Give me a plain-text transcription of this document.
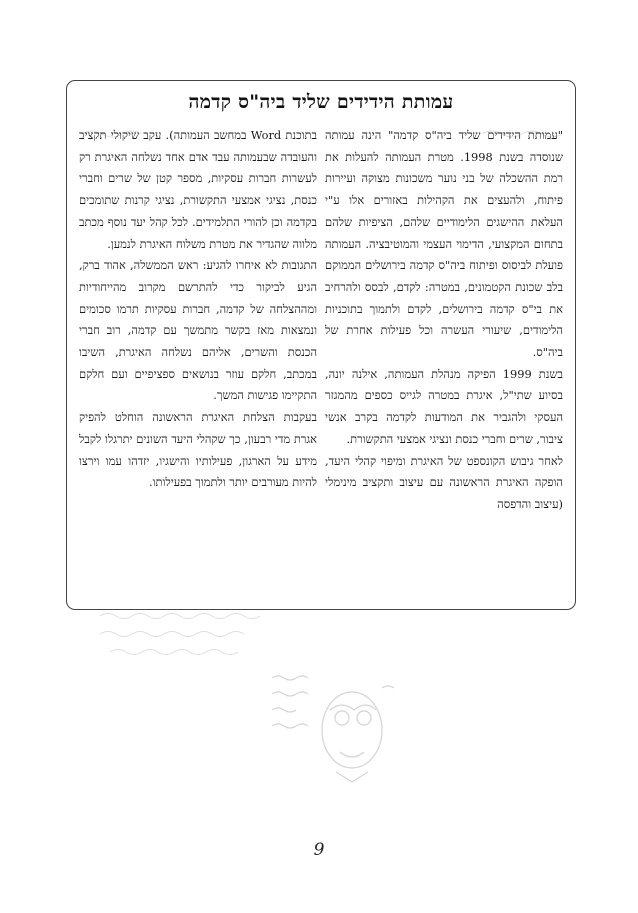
עמותת הידידים שליד ביה"ס קדמה

"עמותת הידידים שליד ביה"ס קדמה" הינה עמותה שנוסדה בשנת 1998. מטרת העמותה להעלות את רמת ההשכלה של בני נוער משכונות מצוקה ועיירות פיתוח, ולהעצים את הקהילות באזורים אלו ע"י העלאת ההישגים הלימודיים שלהם, הציפיות שלהם בתחום המקצועי, הדימוי העצמי והמוטיבציה. העמותה פועלת לביסוס ופיתוח ביה"ס קדמה בירושלים הממוקם בלב שכונת הקטמונים, במטרה: לקדם, לבסס ולהרחיב את בי"ס קדמה בירושלים, לקדם ולתמוך בתוכניות הלימודים, שיעורי העשרה וכל פעילות אחרת של ביה"ס.

בשנת 1999 הפיקה מנהלת העמותה, אילנה יונה, בסיוע שתי"ל, איגרת במטרה לגייס כספים מהמגזר העסקי ולהגביר את המודעות לקדמה בקרב אנשי ציבור, שרים וחברי כנסת ונציגי אמצעי התקשורת.

לאחר גיבוש הקונספט של האיגרת ומיפוי קהלי היעד, הופקה האיגרת הראשונה עם עיצוב ותקציב מינימלי (עיצוב והדפסה

בתוכנת Word במחשב העמותה). עקב שיקולי תקציב והעובדה שבעמותה עבד אדם אחד נשלחה האיגרת רק לעשרות חברות עסקיות, מספר קטן של שרים וחברי כנסת, נציגי אמצעי התקשורת, נציגי קרנות שתומכים בקדמה וכן להורי התלמידים. לכל קהל יעד נוסף מכתב מלווה שהגדיר את מטרת משלוח האיגרת לנמען.

התגובות לא איחרו להגיע: ראש הממשלה, אהוד ברק, הגיע לביקור כדי להתרשם מקרוב מהייחודיות ומההצלחה של קדמה, חברות עסקיות תרמו סכומים ונמצאות מאז בקשר מתמשך עם קדמה, רוב חברי הכנסת והשרים, אליהם נשלחה האיגרת, השיבו במכתב, חלקם עוזר בנושאים ספציפיים ועם חלקם התקיימו פגישות המשך.

בעקבות הצלחת האיגרת הראשונה הוחלט להפיק אגרת מדי רבעון, כך שקהלי היעד השונים יתרגלו לקבל מידע על הארגון, פעילותיו והישגיו, יזדהו עמו וירצו להיות מעורבים יותר ולתמוך בפעילותו.

9
